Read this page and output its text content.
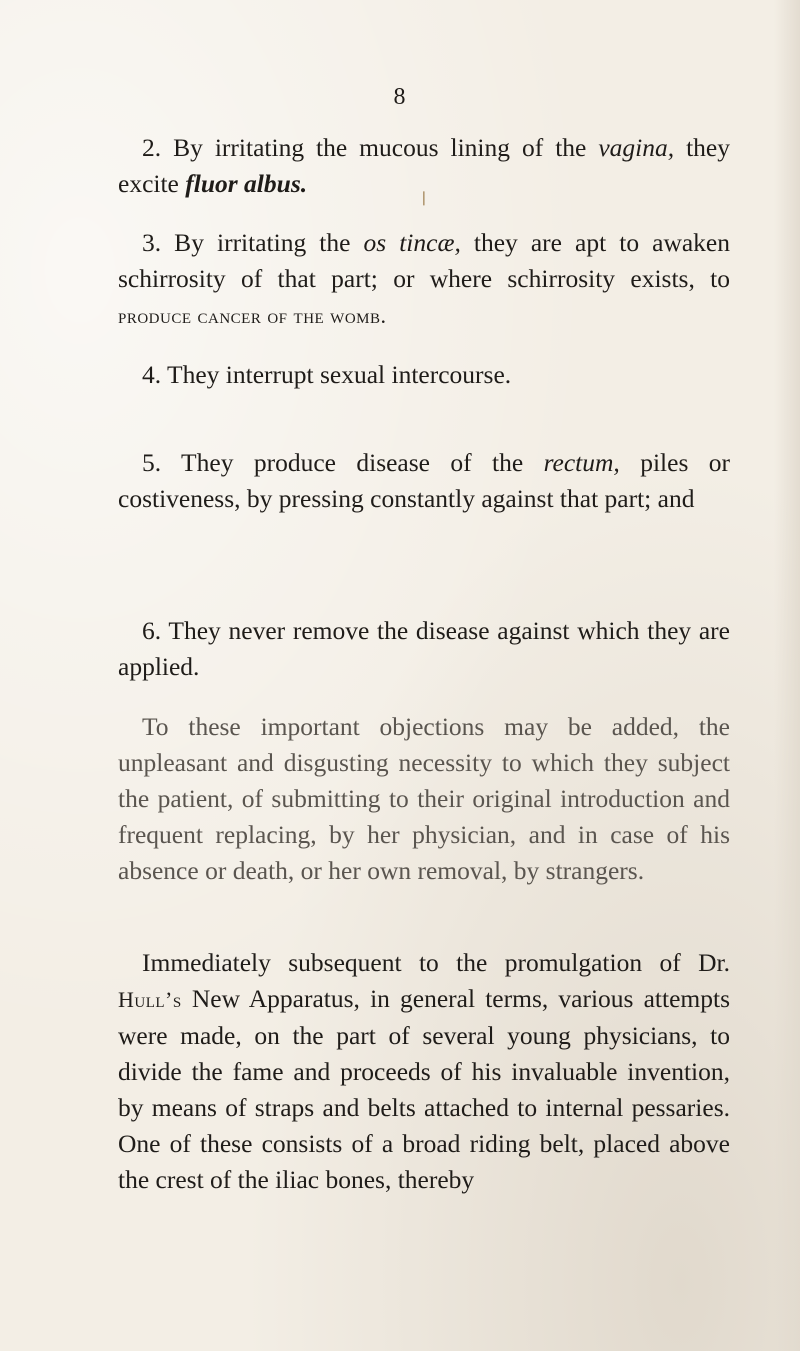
8

2. By irritating the mucous lining of the vagina, they excite fluor albus.

❘

3. By irritating the os tincæ, they are apt to awaken schirrosity of that part; or where schirrosity exists, to produce cancer of the womb.

4. They interrupt sexual intercourse.

5. They produce disease of the rectum, piles or costiveness, by pressing constantly against that part; and

6. They never remove the disease against which they are applied.

To these important objections may be added, the unpleasant and disgusting necessity to which they subject the patient, of submitting to their original introduction and frequent replacing, by her physician, and in case of his absence or death, or her own removal, by strangers.

Immediately subsequent to the promulgation of Dr. Hull’s New Apparatus, in general terms, various attempts were made, on the part of several young physicians, to divide the fame and proceeds of his invaluable invention, by means of straps and belts attached to internal pessaries. One of these consists of a broad riding belt, placed above the crest of the iliac bones, thereby
